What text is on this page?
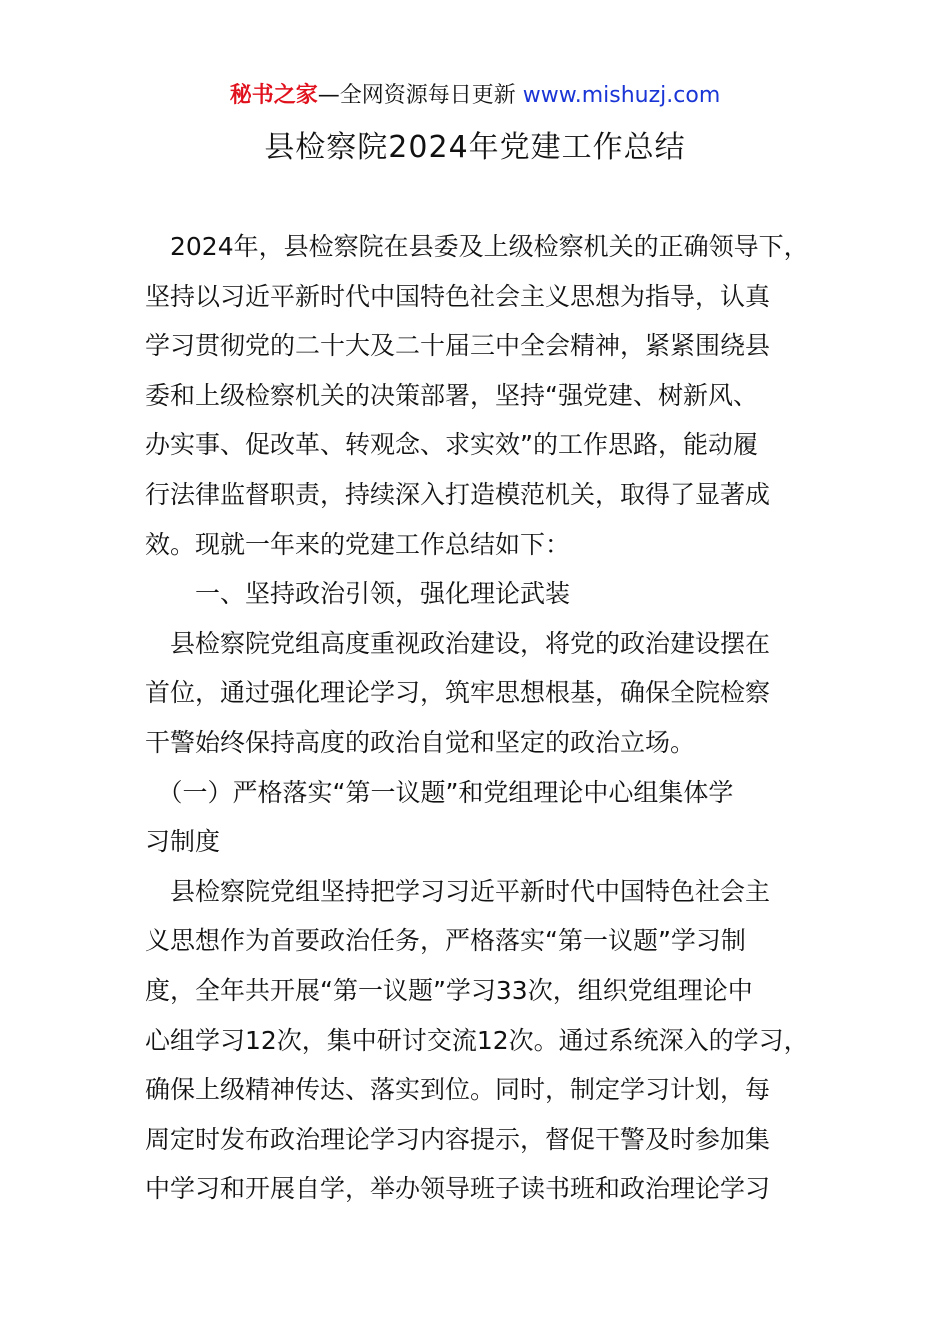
秘书之家—全网资源每日更新 www.mishuzj.com
县检察院2024年党建工作总结
　2024年，县检察院在县委及上级检察机关的正确领导下，
坚持以习近平新时代中国特色社会主义思想为指导，认真
学习贯彻党的二十大及二十届三中全会精神，紧紧围绕县
委和上级检察机关的决策部署，坚持“强党建、树新风、
办实事、促改革、转观念、求实效”的工作思路，能动履
行法律监督职责，持续深入打造模范机关，取得了显著成
效。现就一年来的党建工作总结如下：
　　一、坚持政治引领，强化理论武装
　县检察院党组高度重视政治建设，将党的政治建设摆在
首位，通过强化理论学习，筑牢思想根基，确保全院检察
干警始终保持高度的政治自觉和坚定的政治立场。
　（一）严格落实“第一议题”和党组理论中心组集体学
习制度
　县检察院党组坚持把学习习近平新时代中国特色社会主
义思想作为首要政治任务，严格落实“第一议题”学习制
度，全年共开展“第一议题”学习33次，组织党组理论中
心组学习12次，集中研讨交流12次。通过系统深入的学习，
确保上级精神传达、落实到位。同时，制定学习计划，每
周定时发布政治理论学习内容提示，督促干警及时参加集
中学习和开展自学，举办领导班子读书班和政治理论学习
